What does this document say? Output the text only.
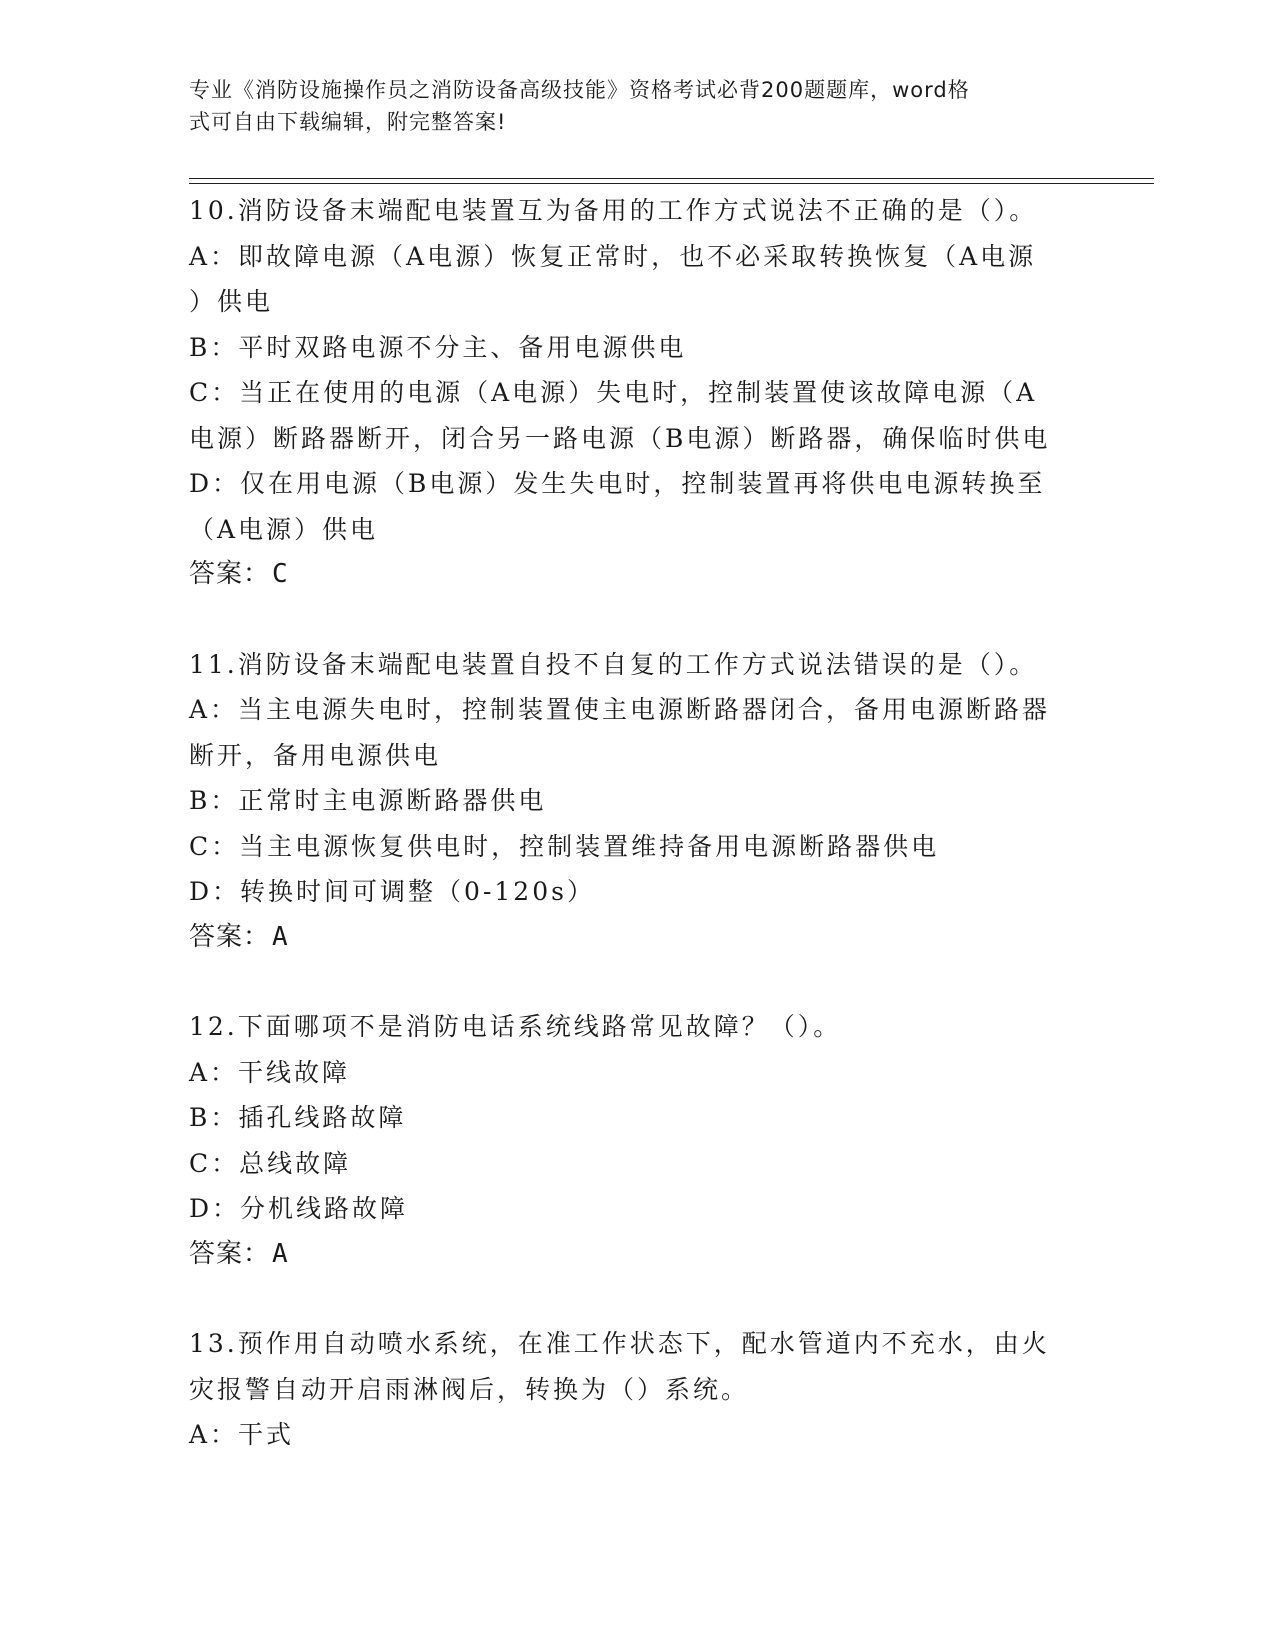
专业《消防设施操作员之消防设备高级技能》资格考试必背200题题库，word格
式可自由下载编辑，附完整答案!
10.消防设备末端配电装置互为备用的工作方式说法不正确的是（）。
A：即故障电源（A电源）恢复正常时，也不必采取转换恢复（A电源
）供电
B：平时双路电源不分主、备用电源供电
C：当正在使用的电源（A电源）失电时，控制装置使该故障电源（A
电源）断路器断开，闭合另一路电源（B电源）断路器，确保临时供电
D：仅在用电源（B电源）发生失电时，控制装置再将供电电源转换至
（A电源）供电
答案：C
11.消防设备末端配电装置自投不自复的工作方式说法错误的是（）。
A：当主电源失电时，控制装置使主电源断路器闭合，备用电源断路器
断开，备用电源供电
B：正常时主电源断路器供电
C：当主电源恢复供电时，控制装置维持备用电源断路器供电
D：转换时间可调整（0-120s）
答案：A
12.下面哪项不是消防电话系统线路常见故障？（）。
A：干线故障
B：插孔线路故障
C：总线故障
D：分机线路故障
答案：A
13.预作用自动喷水系统，在准工作状态下，配水管道内不充水，由火
灾报警自动开启雨淋阀后，转换为（）系统。
A：干式
